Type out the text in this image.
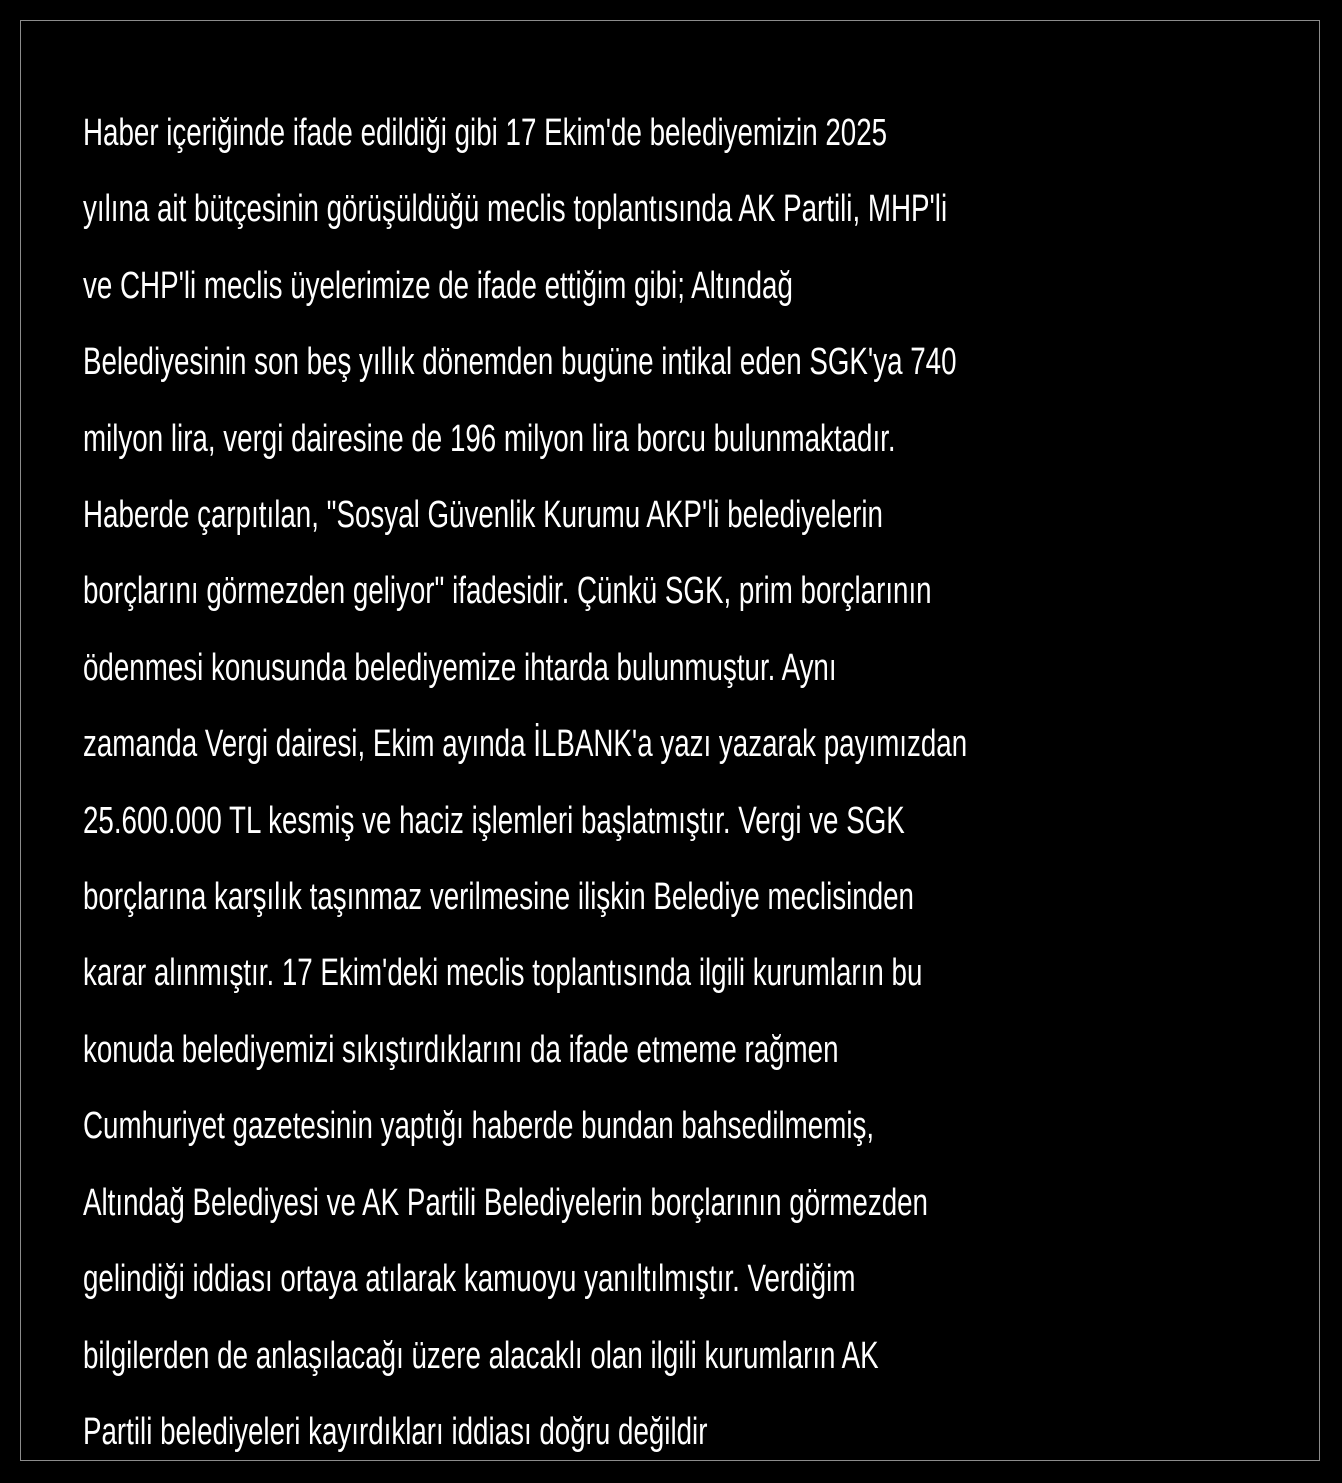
Haber içeriğinde ifade edildiği gibi 17 Ekim'de belediyemizin 2025
yılına ait bütçesinin görüşüldüğü meclis toplantısında AK Partili, MHP'li
ve CHP'li meclis üyelerimize de ifade ettiğim gibi; Altındağ
Belediyesinin son beş yıllık dönemden bugüne intikal eden SGK'ya 740
milyon lira, vergi dairesine de 196 milyon lira borcu bulunmaktadır.
Haberde çarpıtılan, "Sosyal Güvenlik Kurumu AKP'li belediyelerin
borçlarını görmezden geliyor" ifadesidir. Çünkü SGK, prim borçlarının
ödenmesi konusunda belediyemize ihtarda bulunmuştur. Aynı
zamanda Vergi dairesi, Ekim ayında İLBANK'a yazı yazarak payımızdan
25.600.000 TL kesmiş ve haciz işlemleri başlatmıştır. Vergi ve SGK
borçlarına karşılık taşınmaz verilmesine ilişkin Belediye meclisinden
karar alınmıştır. 17 Ekim'deki meclis toplantısında ilgili kurumların bu
konuda belediyemizi sıkıştırdıklarını da ifade etmeme rağmen
Cumhuriyet gazetesinin yaptığı haberde bundan bahsedilmemiş,
Altındağ Belediyesi ve AK Partili Belediyelerin borçlarının görmezden
gelindiği iddiası ortaya atılarak kamuoyu yanıltılmıştır. Verdiğim
bilgilerden de anlaşılacağı üzere alacaklı olan ilgili kurumların AK
Partili belediyeleri kayırdıkları iddiası doğru değildir
